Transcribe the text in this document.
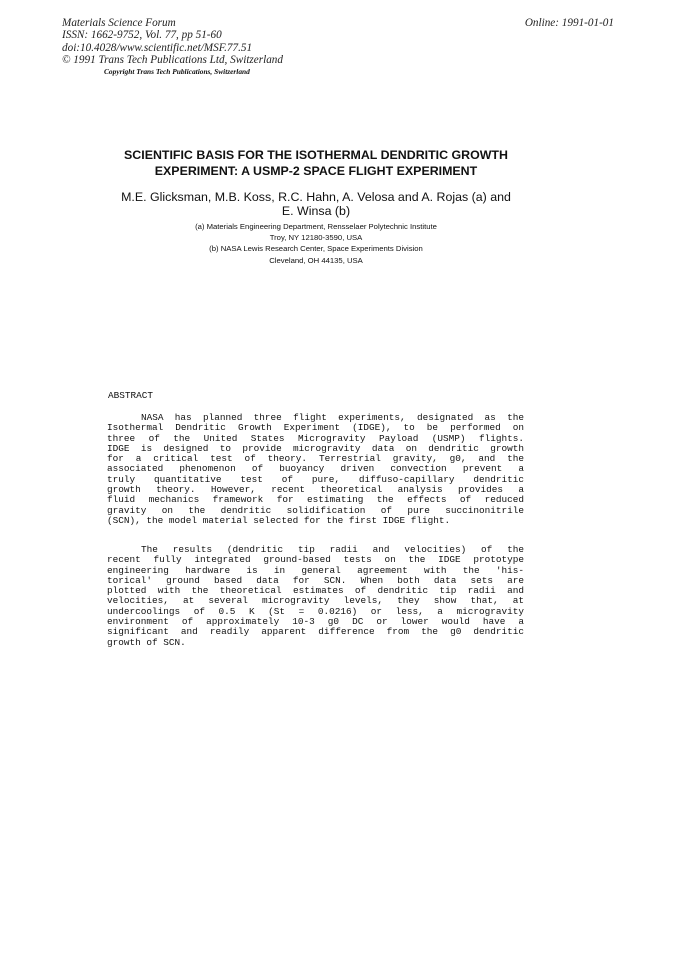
Materials Science Forum
ISSN: 1662-9752, Vol. 77, pp 51-60
doi:10.4028/www.scientific.net/MSF.77.51
© 1991 Trans Tech Publications Ltd, Switzerland
Online: 1991-01-01
Copyright Trans Tech Publications, Switzerland
SCIENTIFIC BASIS FOR THE ISOTHERMAL DENDRITIC GROWTH
EXPERIMENT: A USMP-2 SPACE FLIGHT EXPERIMENT
M.E. Glicksman, M.B. Koss, R.C. Hahn, A. Velosa and A. Rojas (a) and
E. Winsa (b)
(a) Materials Engineering Department, Rensselaer Polytechnic Institute
Troy, NY 12180-3590, USA
(b) NASA Lewis Research Center, Space Experiments Division
Cleveland, OH 44135, USA
ABSTRACT
NASA has planned three flight experiments, designated as the
Isothermal Dendritic Growth Experiment (IDGE), to be performed on
three of the United States Microgravity Payload (USMP) flights.
IDGE is designed to provide microgravity data on dendritic growth
for a critical test of theory. Terrestrial gravity, g0, and the
associated phenomenon of buoyancy driven convection prevent a
truly quantitative test of pure, diffuso-capillary dendritic
growth theory. However, recent theoretical analysis provides a
fluid mechanics framework for estimating the effects of reduced
gravity on the dendritic solidification of pure succinonitrile
(SCN), the model material selected for the first IDGE flight.
The results (dendritic tip radii and velocities) of the
recent fully integrated ground-based tests on the IDGE prototype
engineering hardware is in general agreement with the 'his-
torical' ground based data for SCN. When both data sets are
plotted with the theoretical estimates of dendritic tip radii and
velocities, at several microgravity levels, they show that, at
undercoolings of 0.5 K (St = 0.0216) or less, a microgravity
environment of approximately 10-3 g0 DC or lower would have a
significant and readily apparent difference from the g0 dendritic
growth of SCN.
